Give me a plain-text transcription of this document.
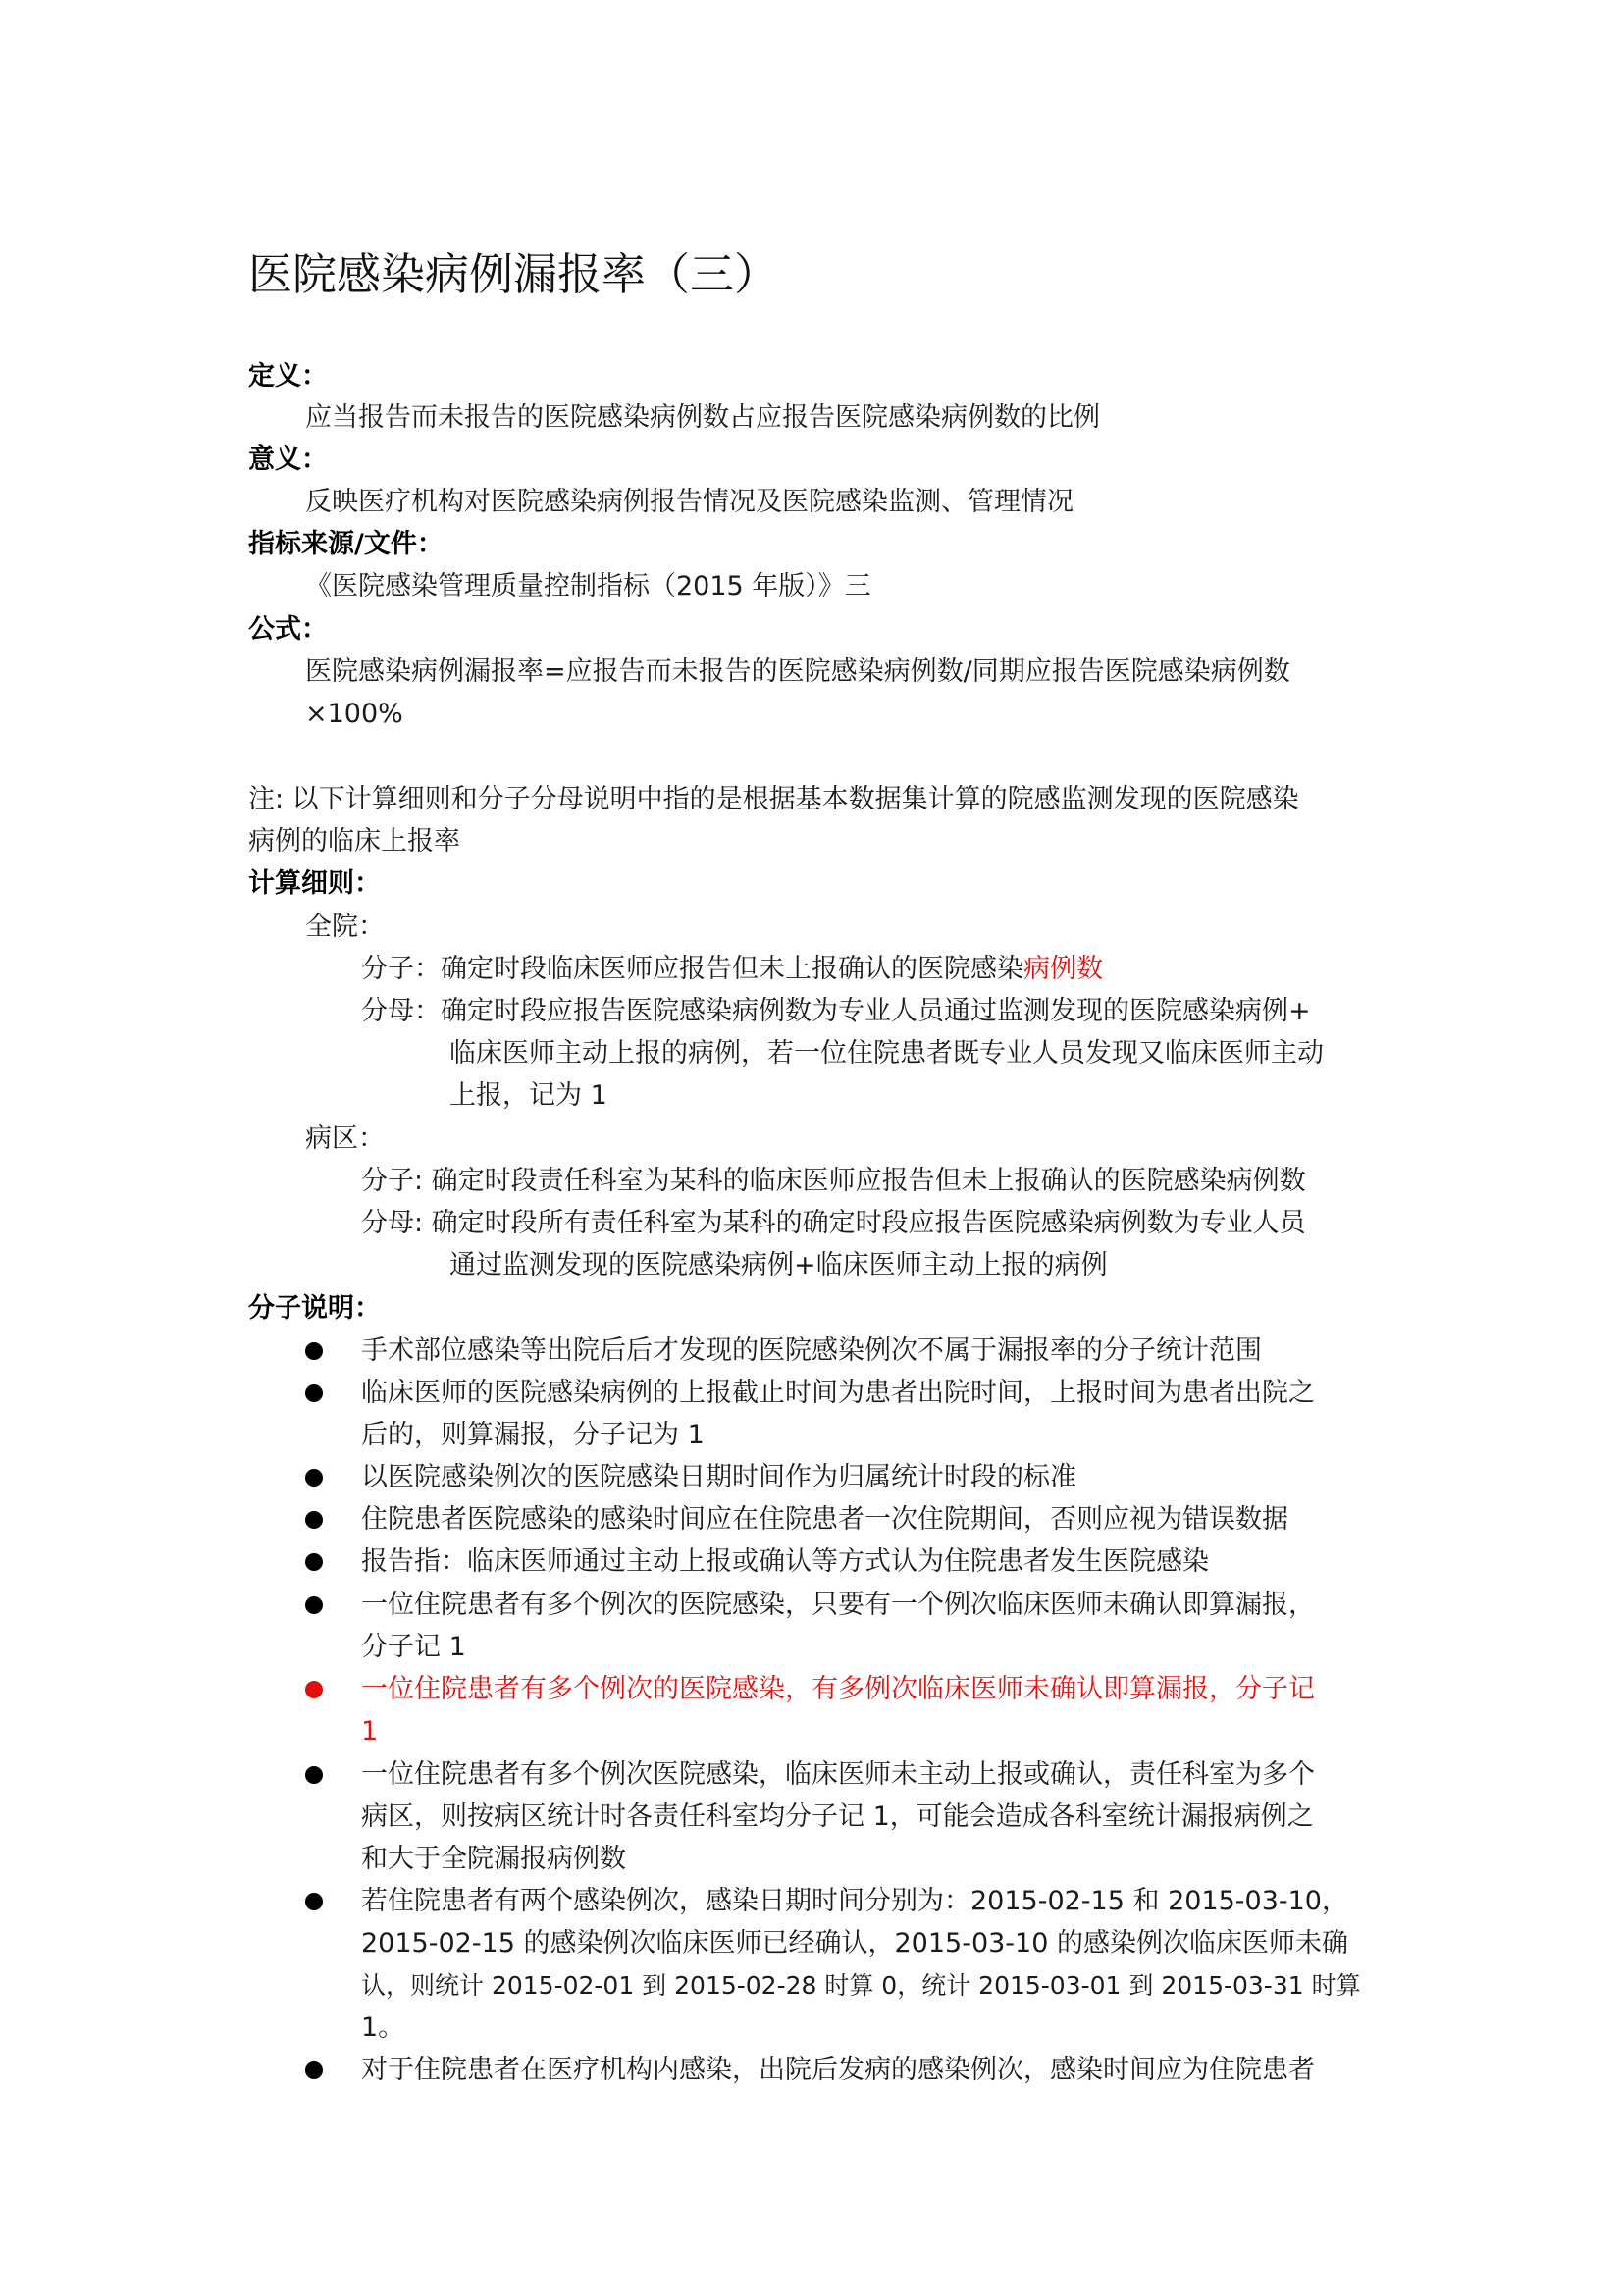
医院感染病例漏报率（三）
定义：
应当报告而未报告的医院感染病例数占应报告医院感染病例数的比例
意义：
反映医疗机构对医院感染病例报告情况及医院感染监测、管理情况
指标来源/文件：
《医院感染管理质量控制指标（2015 年版）》三
公式：
医院感染病例漏报率=应报告而未报告的医院感染病例数/同期应报告医院感染病例数
×100%
注: 以下计算细则和分子分母说明中指的是根据基本数据集计算的院感监测发现的医院感染
病例的临床上报率
计算细则：
全院：
分子：确定时段临床医师应报告但未上报确认的医院感染病例数
分母：确定时段应报告医院感染病例数为专业人员通过监测发现的医院感染病例+
临床医师主动上报的病例，若一位住院患者既专业人员发现又临床医师主动
上报，记为 1
病区：
分子: 确定时段责任科室为某科的临床医师应报告但未上报确认的医院感染病例数
分母: 确定时段所有责任科室为某科的确定时段应报告医院感染病例数为专业人员
通过监测发现的医院感染病例+临床医师主动上报的病例
分子说明：
手术部位感染等出院后后才发现的医院感染例次不属于漏报率的分子统计范围
临床医师的医院感染病例的上报截止时间为患者出院时间，上报时间为患者出院之
后的，则算漏报，分子记为 1
以医院感染例次的医院感染日期时间作为归属统计时段的标准
住院患者医院感染的感染时间应在住院患者一次住院期间，否则应视为错误数据
报告指：临床医师通过主动上报或确认等方式认为住院患者发生医院感染
一位住院患者有多个例次的医院感染，只要有一个例次临床医师未确认即算漏报，
分子记 1
一位住院患者有多个例次的医院感染，有多例次临床医师未确认即算漏报，分子记
1
一位住院患者有多个例次医院感染，临床医师未主动上报或确认，责任科室为多个
病区，则按病区统计时各责任科室均分子记 1，可能会造成各科室统计漏报病例之
和大于全院漏报病例数
若住院患者有两个感染例次，感染日期时间分别为：2015-02-15 和 2015-03-10，
2015-02-15 的感染例次临床医师已经确认，2015-03-10 的感染例次临床医师未确
认，则统计 2015-02-01 到 2015-02-28 时算 0，统计 2015-03-01 到 2015-03-31 时算
1。
对于住院患者在医疗机构内感染，出院后发病的感染例次，感染时间应为住院患者
